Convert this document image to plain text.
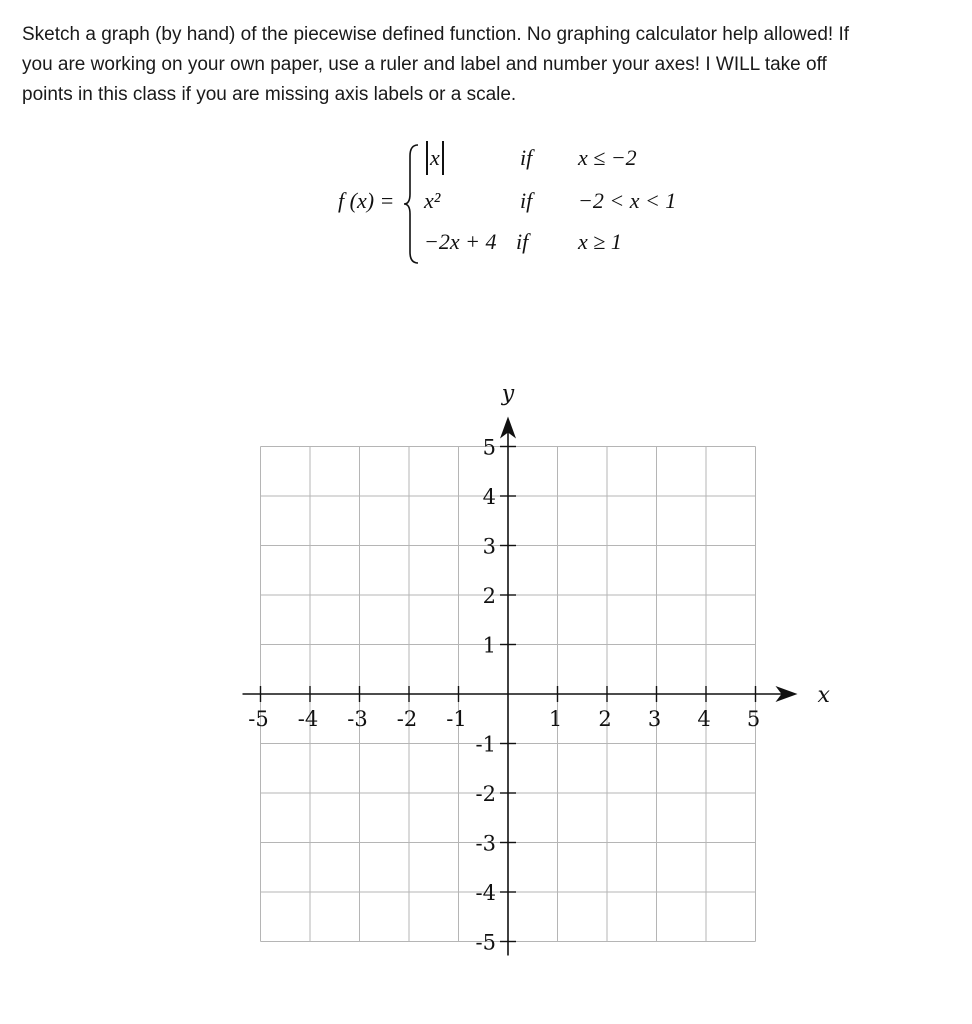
Sketch a graph (by hand) of the piecewise defined function. No graphing calculator help allowed! If
you are working on your own paper, use a ruler and label and number your axes! I WILL take off
points in this class if you are missing axis labels or a scale.
f (x) =
x	if x ≤ −2
x²	if −2 < x < 1
−2x + 4 if x ≥ 1
-5 -4 -3 -2 -1	1 2 3 4 5
5
4
3
2
1
-1
-2
-3
-4
-5
x
y
